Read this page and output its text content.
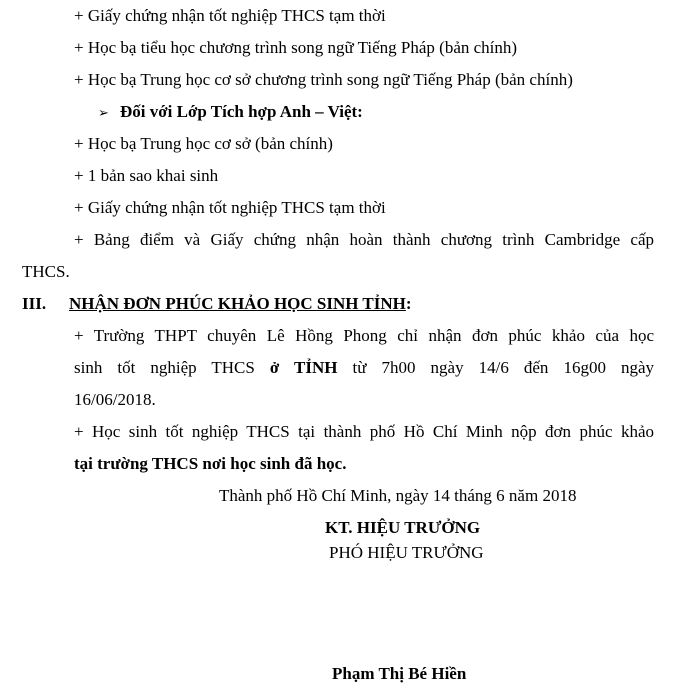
+ Giấy chứng nhận tốt nghiệp THCS tạm thời
+ Học bạ tiểu học chương trình song ngữ Tiếng Pháp (bản chính)
+ Học bạ Trung học cơ sở chương trình song ngữ Tiếng Pháp (bản chính)
➢ Đối với Lớp Tích hợp Anh – Việt:
+ Học bạ Trung học cơ sở (bản chính)
+ 1 bản sao khai sinh
+ Giấy chứng nhận tốt nghiệp THCS tạm thời
+ Bảng điểm và Giấy chứng nhận hoàn thành chương trình Cambridge cấp
THCS.
III. NHẬN ĐƠN PHÚC KHẢO HỌC SINH TỈNH:
+ Trường THPT chuyên Lê Hồng Phong chỉ nhận đơn phúc khảo của học
sinh tốt nghiệp THCS ở TỈNH từ 7h00 ngày 14/6 đến 16g00 ngày
16/06/2018.
+ Học sinh tốt nghiệp THCS tại thành phố Hồ Chí Minh nộp đơn phúc khảo
tại trường THCS nơi học sinh đã học.
Thành phố Hồ Chí Minh, ngày 14 tháng 6 năm 2018
KT. HIỆU TRƯỞNG
PHÓ HIỆU TRƯỞNG
Phạm Thị Bé Hiền
